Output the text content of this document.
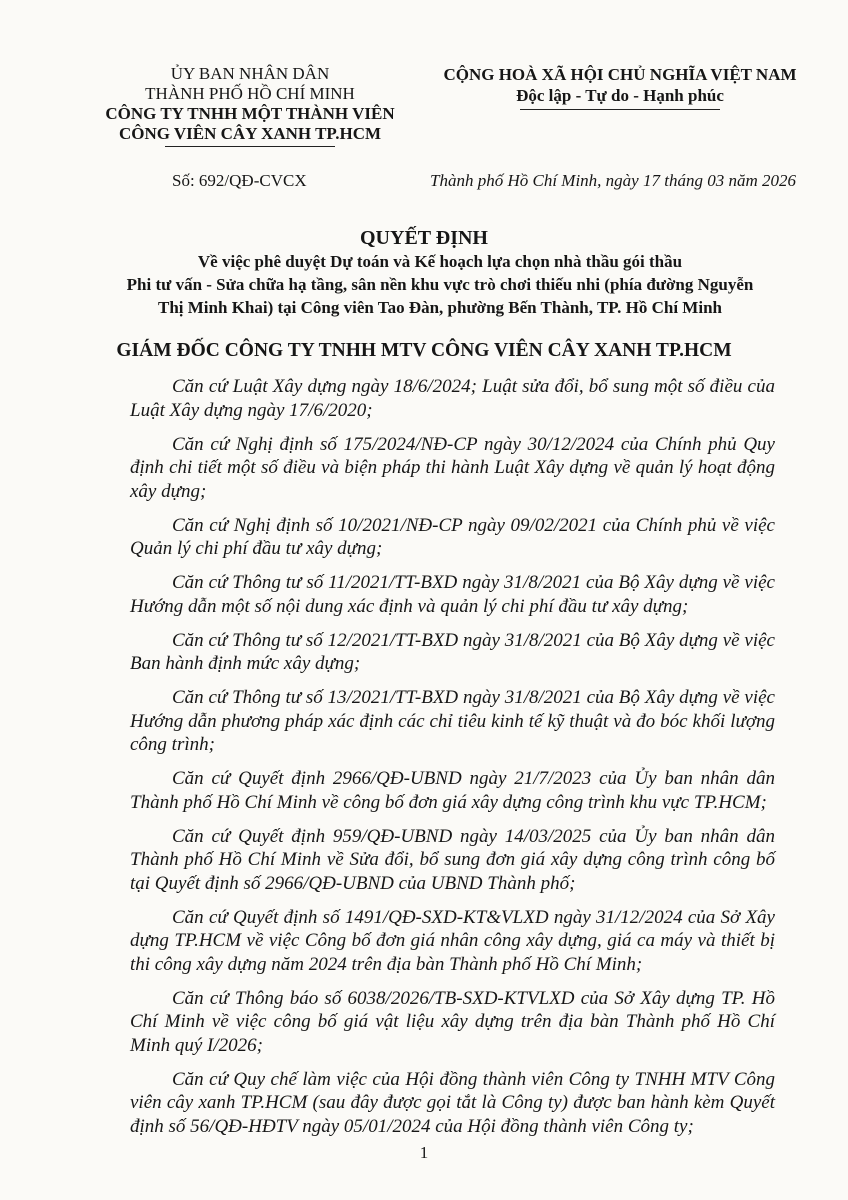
ỦY BAN NHÂN DÂN
THÀNH PHỐ HỒ CHÍ MINH
CÔNG TY TNHH MỘT THÀNH VIÊN
CÔNG VIÊN CÂY XANH TP.HCM
CỘNG HOÀ XÃ HỘI CHỦ NGHĨA VIỆT NAM
Độc lập - Tự do - Hạnh phúc
Số: 692/QĐ-CVCX	Thành phố Hồ Chí Minh, ngày 17 tháng 03 năm 2026
QUYẾT ĐỊNH
Về việc phê duyệt Dự toán và Kế hoạch lựa chọn nhà thầu gói thầu
Phi tư vấn - Sửa chữa hạ tầng, sân nền khu vực trò chơi thiếu nhi (phía đường Nguyễn
Thị Minh Khai) tại Công viên Tao Đàn, phường Bến Thành, TP. Hồ Chí Minh
GIÁM ĐỐC CÔNG TY TNHH MTV CÔNG VIÊN CÂY XANH TP.HCM

Căn cứ Luật Xây dựng ngày 18/6/2024; Luật sửa đổi, bổ sung một số điều của Luật Xây dựng ngày 17/6/2020;

Căn cứ Nghị định số 175/2024/NĐ-CP ngày 30/12/2024 của Chính phủ Quy định chi tiết một số điều và biện pháp thi hành Luật Xây dựng về quản lý hoạt động xây dựng;

Căn cứ Nghị định số 10/2021/NĐ-CP ngày 09/02/2021 của Chính phủ về việc Quản lý chi phí đầu tư xây dựng;

Căn cứ Thông tư số 11/2021/TT-BXD ngày 31/8/2021 của Bộ Xây dựng về việc Hướng dẫn một số nội dung xác định và quản lý chi phí đầu tư xây dựng;

Căn cứ Thông tư số 12/2021/TT-BXD ngày 31/8/2021 của Bộ Xây dựng về việc Ban hành định mức xây dựng;

Căn cứ Thông tư số 13/2021/TT-BXD ngày 31/8/2021 của Bộ Xây dựng về việc Hướng dẫn phương pháp xác định các chỉ tiêu kinh tế kỹ thuật và đo bóc khối lượng công trình;

Căn cứ Quyết định 2966/QĐ-UBND ngày 21/7/2023 của Ủy ban nhân dân Thành phố Hồ Chí Minh về công bố đơn giá xây dựng công trình khu vực TP.HCM;

Căn cứ Quyết định 959/QĐ-UBND ngày 14/03/2025 của Ủy ban nhân dân Thành phố Hồ Chí Minh về Sửa đổi, bổ sung đơn giá xây dựng công trình công bố tại Quyết định số 2966/QĐ-UBND của UBND Thành phố;

Căn cứ Quyết định số 1491/QĐ-SXD-KT&VLXD ngày 31/12/2024 của Sở Xây dựng TP.HCM về việc Công bố đơn giá nhân công xây dựng, giá ca máy và thiết bị thi công xây dựng năm 2024 trên địa bàn Thành phố Hồ Chí Minh;

Căn cứ Thông báo số 6038/2026/TB-SXD-KTVLXD của Sở Xây dựng TP. Hồ Chí Minh về việc công bố giá vật liệu xây dựng trên địa bàn Thành phố Hồ Chí Minh quý I/2026;

Căn cứ Quy chế làm việc của Hội đồng thành viên Công ty TNHH MTV Công viên cây xanh TP.HCM (sau đây được gọi tắt là Công ty) được ban hành kèm Quyết định số 56/QĐ-HĐTV ngày 05/01/2024 của Hội đồng thành viên Công ty;

1
